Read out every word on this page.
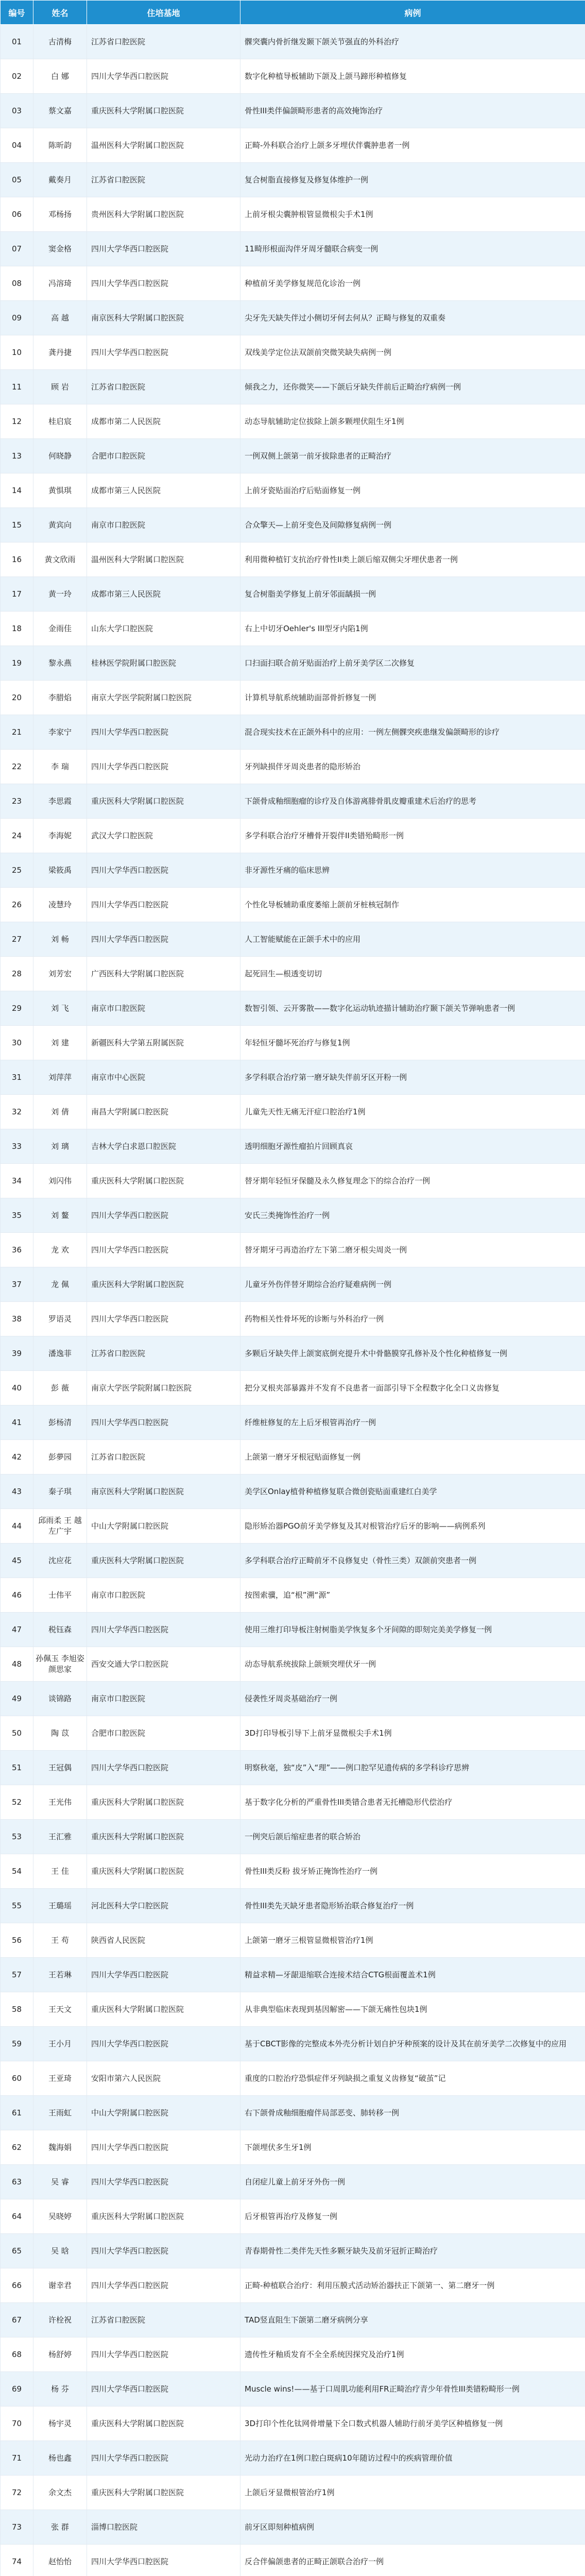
编号	姓名	住培基地	病例
01	古清梅	江苏省口腔医院	髁突囊内骨折继发颞下颌关节强直的外科治疗
02	白 娜	四川大学华西口腔医院	数字化种植导板辅助下颌及上颌马蹄形种植修复
03	蔡文嘉	重庆医科大学附属口腔医院	骨性III类伴偏颌畸形患者的高效掩饰治疗
04	陈昕韵	温州医科大学附属口腔医院	正畸-外科联合治疗上颌多牙埋伏伴囊肿患者一例
05	戴奏月	江苏省口腔医院	复合树脂直接修复及修复体维护一例
06	邓杨扬	贵州医科大学附属口腔医院	上前牙根尖囊肿根管显微根尖手术1例
07	窦金格	四川大学华西口腔医院	11畸形根面沟伴牙周牙髓联合病变一例
08	冯溶琦	四川大学华西口腔医院	种植前牙美学修复规范化诊治一例
09	高 越	南京医科大学附属口腔医院	尖牙先天缺失伴过小侧切牙何去何从？正畸与修复的双重奏
10	龚丹捷	四川大学华西口腔医院	双线美学定位法双颌前突微笑缺失病例一例
11	顾 岩	江苏省口腔医院	倾我之力，还你微笑——下颌后牙缺失伴前后正畸治疗病例一例
12	桂启宸	成都市第二人民医院	动态导航辅助定位拔除上颌多颗埋伏阻生牙1例
13	何晓静	合肥市口腔医院	一例双侧上颌第一前牙拔除患者的正畸治疗
14	黄惧琪	成都市第三人民医院	上前牙瓷贴面治疗后贴面修复一例
15	黄宾向	南京市口腔医院	合众擎天—上前牙变色及间隙修复病例一例
16	黄文欣雨	温州医科大学附属口腔医院	利用微种植钉支抗治疗骨性II类上颌后缩双侧尖牙埋伏患者一例
17	黄一玲	成都市第三人民医院	复合树脂美学修复上前牙邻面龋损一例
18	金雨佳	山东大学口腔医院	右上中切牙Oehler's III型牙内陷1例
19	黎永燕	桂林医学院附属口腔医院	口扫面扫联合前牙贴面治疗上前牙美学区二次修复
20	李腊焰	南京大学医学院附属口腔医院	计算机导航系统辅助面部骨折修复一例
21	李家宁	四川大学华西口腔医院	混合现实技术在正颌外科中的应用：一例左侧髁突疾患继发偏颌畸形的诊疗
22	李 瑞	四川大学华西口腔医院	牙列缺损伴牙周炎患者的隐形矫治
23	李思霞	重庆医科大学附属口腔医院	下颌骨成釉细胞瘤的诊疗及自体游离腓骨肌皮瓣重建术后治疗的思考
24	李海妮	武汉大学口腔医院	多学科联合治疗牙槽骨开裂伴II类错殆畸形一例
25	梁筱禹	四川大学华西口腔医院	非牙源性牙痛的临床思辨
26	凌慧玲	四川大学华西口腔医院	个性化导板辅助重度萎缩上颌前牙桩核冠制作
27	刘 畅	四川大学华西口腔医院	人工智能赋能在正颌手术中的应用
28	刘芳宏	广西医科大学附属口腔医院	起死回生—根透变切切
29	刘 飞	南京市口腔医院	数智引领、云开雾散——数字化运动轨迹描计辅助治疗颞下颌关节弹响患者一例
30	刘 建	新疆医科大学第五附属医院	年轻恒牙髓坏死治疗与修复1例
31	刘萍萍	南京市中心医院	多学科联合治疗第一磨牙缺失伴前牙区开粉一例
32	刘 倩	南昌大学附属口腔医院	儿童先天性无痛无汗症口腔治疗1例
33	刘 璃	吉林大学白求恩口腔医院	透明细胞牙源性瘤拍片回顾真哀
34	刘闪伟	重庆医科大学附属口腔医院	替牙期年轻恒牙保髓及永久修复理念下的综合治疗一例
35	刘 鳌	四川大学华西口腔医院	安氏三类掩饰性治疗一例
36	龙 欢	四川大学华西口腔医院	替牙期牙弓再造治疗左下第二磨牙根尖周炎一例
37	龙 佩	重庆医科大学附属口腔医院	儿童牙外伤伴替牙期综合治疗疑难病例一例
38	罗语灵	四川大学华西口腔医院	药物相关性骨坏死的诊断与外科治疗一例
39	潘逸菲	江苏省口腔医院	多颗后牙缺失伴上颌窦底倒充提升术中骨骼膜穿孔修补及个性化种植修复一例
40	彭 薇	南京大学医学院附属口腔医院	把分叉根夹部暴露并不发育不良患者一面部引导下全程数字化全口义齿修复
41	彭杨清	四川大学华西口腔医院	纤维桩修复的左上后牙根管再治疗一例
42	彭夢园	江苏省口腔医院	上颌第一磨牙牙根冠贴面修复一例
43	秦子琪	南京医科大学附属口腔医院	美学区Onlay植骨种植修复联合微创瓷贴面重建红白美学
44	邱雨柔 王 越 左广宇	中山大学附属口腔医院	隐形矫治器PGO前牙美学修复及其对根管治疗后牙的影响——病例系列
45	沈应花	重庆医科大学附属口腔医院	多学科联合治疗正畸前牙不良修复史（骨性三类）双颌前突患者一例
46	士伟平	南京市口腔医院	按图索骥，追“根”溯“源”
47	税钰森	四川大学华西口腔医院	使用三维打印导板注射树脂美学恢复多个牙间隙的即刻完美美学修复一例
48	孙佩玉 李旭姿 颜思家	西安交通大学口腔医院	动态导航系统拔除上颌颏突埋伏牙一例
49	谈锦路	南京市口腔医院	侵袭性牙周炎基础治疗一例
50	陶 苡	合肥市口腔医院	3D打印导板引导下上前牙显微根尖手术1例
51	王冠偶	四川大学华西口腔医院	明察秋毫，独“皮”入“理”——例口腔罕见遗传病的多学科诊疗思辨
52	王光伟	重庆医科大学附属口腔医院	基于数字化分析的严重骨性III类错合患者无托槽隐形代偿治疗
53	王汇雅	重庆医科大学附属口腔医院	一例突后颌后缩症患者的联合矫治
54	王 佳	重庆医科大学附属口腔医院	骨性III类反粉 拔牙矫正掩饰性治疗一例
55	王璐瑶	河北医科大学口腔医院	骨性III类先天缺牙患者隐形矫治联合修复治疗一例
56	王 苟	陕西省人民医院	上颌第一磨牙三根管显微根管治疗1例
57	王若琳	四川大学华西口腔医院	精益求精—牙龈退缩联合连接术结合CTG根面覆盖术1例
58	王天文	重庆医科大学附属口腔医院	从非典型临床表现到基因解密——下颌无痛性包块1例
59	王小月	四川大学华西口腔医院	基于CBCT影像的完整成本外壳分析计划自护牙种预案的设计及其在前牙美学二次修复中的应用
60	王亚琦	安阳市第六人民医院	重度的口腔治疗恐惧症伴牙列缺损之重复义齿修复“破茧”记
61	王雨虹	中山大学附属口腔医院	右下颌骨成釉细胞瘤伴局部恶变、肺转移一例
62	魏海娟	四川大学华西口腔医院	下颌埋伏多生牙1例
63	吴 睿	四川大学华西口腔医院	自闭症儿童上前牙牙外伤一例
64	吴晓婷	重庆医科大学附属口腔医院	后牙根管再治疗及修复一例
65	吴 晗	四川大学华西口腔医院	青春期骨性二类伴先天性多颗牙缺失及前牙冠折正畸治疗
66	谢幸君	四川大学华西口腔医院	正畸-种植联合治疗：利用压膜式活动矫治器扶正下颌第一、第二磨牙一例
67	许栓祝	江苏省口腔医院	TAD竖直阻生下颌第二磨牙病例分享
68	杨舒婷	四川大学华西口腔医院	遗传性牙釉质发育不全全系统因探究及治疗1例
69	杨 芬	四川大学华西口腔医院	Muscle wins!——基于口周肌功能利用FR正畸治疗青少年骨性III类错粉畸形一例
70	杨宇灵	重庆医科大学附属口腔医院	3D打印个性化钛网骨增量下全口数式机器人辅助行前牙美学区种植修复一例
71	杨也鑫	四川大学华西口腔医院	光动力治疗在1例口腔白斑病10年随访过程中的疾病管理价值
72	余文杰	重庆医科大学附属口腔医院	上颌后牙显微根管治疗1例
73	张 群	淄博口腔医院	前牙区即刻种植病例
74	赵怡怡	四川大学华西口腔医院	反合伴偏颌患者的正畸正颌联合治疗一例
